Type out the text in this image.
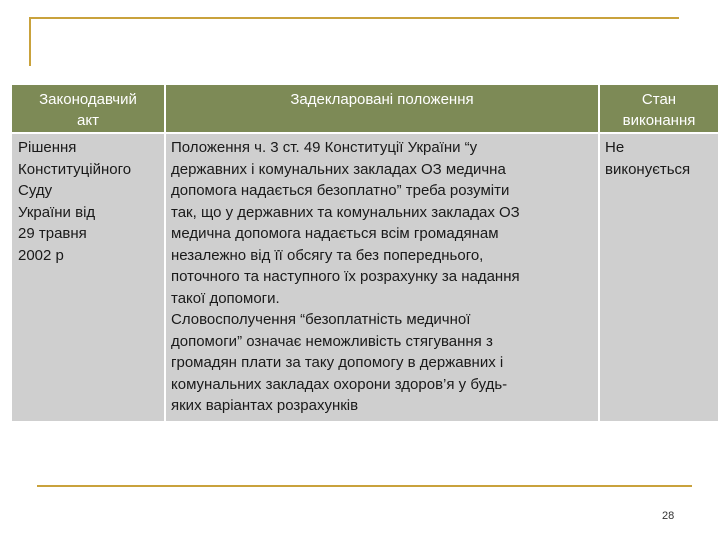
Законодавчий
акт
Задекларовані положення	Стан
виконання
Рішення
Конституційного
Суду
України від
29 травня
2002 р
Положення ч. 3 ст. 49 Конституції України “у
державних і комунальних закладах ОЗ медична
допомога надається безоплатно” треба розуміти
так, що у державних та комунальних закладах ОЗ
медична допомога надається всім громадянам
незалежно від її обсягу та без попереднього,
поточного та наступного їх розрахунку за надання
такої допомоги.
Словосполучення “безоплатність медичної
допомоги” означає неможливість стягування з
громадян плати за таку допомогу в державних і
комунальних закладах охорони здоров’я у будь-
яких варіантах розрахунків
Не
виконується
28
